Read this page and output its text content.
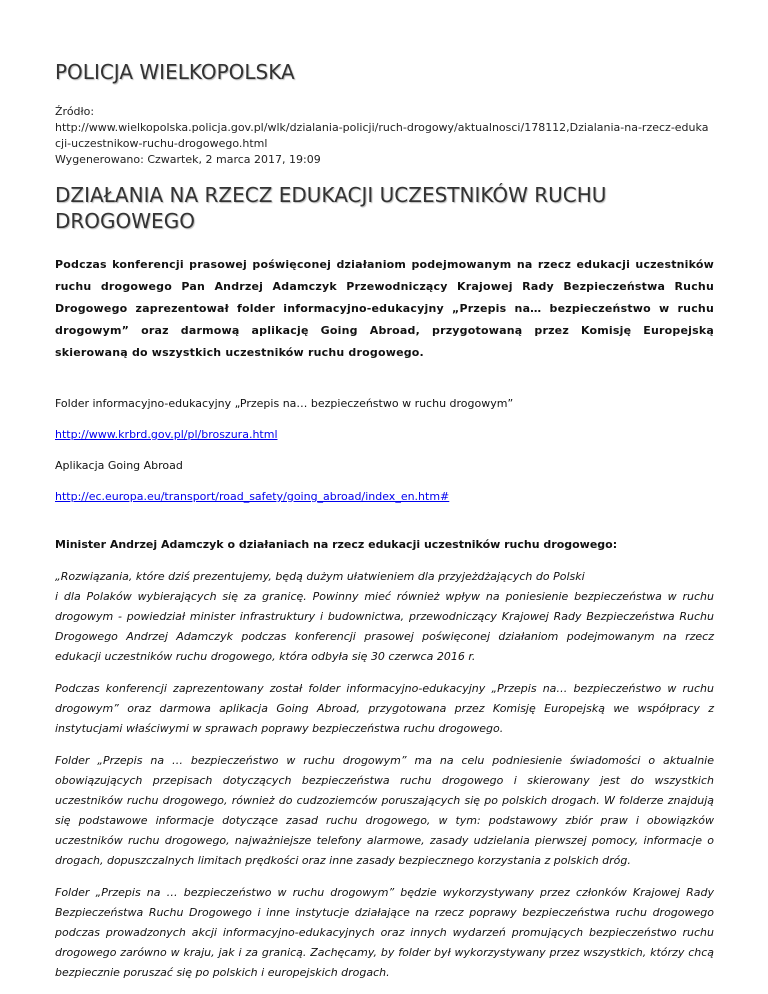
POLICJA WIELKOPOLSKA
Źródło:
http://www.wielkopolska.policja.gov.pl/wlk/dzialania-policji/ruch-drogowy/aktualnosci/178112,Dzialania-na-rzecz-edukacji-uczestnikow-ruchu-drogowego.html
Wygenerowano: Czwartek, 2 marca 2017, 19:09
DZIAŁANIA NA RZECZ EDUKACJI UCZESTNIKÓW RUCHU DROGOWEGO
Podczas konferencji prasowej poświęconej działaniom podejmowanym na rzecz edukacji uczestników ruchu drogowego Pan Andrzej Adamczyk Przewodniczący Krajowej Rady Bezpieczeństwa Ruchu Drogowego zaprezentował folder informacyjno-edukacyjny „Przepis na… bezpieczeństwo w ruchu drogowym” oraz darmową aplikację Going Abroad, przygotowaną przez Komisję Europejską skierowaną do wszystkich uczestników ruchu drogowego.
Folder informacyjno-edukacyjny „Przepis na… bezpieczeństwo w ruchu drogowym”
http://www.krbrd.gov.pl/pl/broszura.html
Aplikacja Going Abroad
http://ec.europa.eu/transport/road_safety/going_abroad/index_en.htm#
Minister Andrzej Adamczyk o działaniach na rzecz edukacji uczestników ruchu drogowego:
„Rozwiązania, które dziś prezentujemy, będą dużym ułatwieniem dla przyjeżdżających do Polski
i dla Polaków wybierających się za granicę. Powinny mieć również wpływ na poniesienie bezpieczeństwa w ruchu drogowym - powiedział minister infrastruktury i budownictwa, przewodniczący Krajowej Rady Bezpieczeństwa Ruchu Drogowego Andrzej Adamczyk podczas konferencji prasowej poświęconej działaniom podejmowanym na rzecz edukacji uczestników ruchu drogowego, która odbyła się 30 czerwca 2016 r.
Podczas konferencji zaprezentowany został folder informacyjno-edukacyjny „Przepis na… bezpieczeństwo w ruchu drogowym” oraz darmowa aplikacja Going Abroad, przygotowana przez Komisję Europejską we współpracy z instytucjami właściwymi w sprawach poprawy bezpieczeństwa ruchu drogowego.
Folder „Przepis na … bezpieczeństwo w ruchu drogowym” ma na celu podniesienie świadomości o aktualnie obowiązujących przepisach dotyczących bezpieczeństwa ruchu drogowego i skierowany jest do wszystkich uczestników ruchu drogowego, również do cudzoziemców poruszających się po polskich drogach. W folderze znajdują się podstawowe informacje dotyczące zasad ruchu drogowego, w tym: podstawowy zbiór praw i obowiązków uczestników ruchu drogowego, najważniejsze telefony alarmowe, zasady udzielania pierwszej pomocy, informacje o drogach, dopuszczalnych limitach prędkości oraz inne zasady bezpiecznego korzystania z polskich dróg.
Folder „Przepis na … bezpieczeństwo w ruchu drogowym” będzie wykorzystywany przez członków Krajowej Rady Bezpieczeństwa Ruchu Drogowego i inne instytucje działające na rzecz poprawy bezpieczeństwa ruchu drogowego podczas prowadzonych akcji informacyjno-edukacyjnych oraz innych wydarzeń promujących bezpieczeństwo ruchu drogowego zarówno w kraju, jak i za granicą. Zachęcamy, by folder był wykorzystywany przez wszystkich, którzy chcą bezpiecznie poruszać się po polskich i europejskich drogach.
